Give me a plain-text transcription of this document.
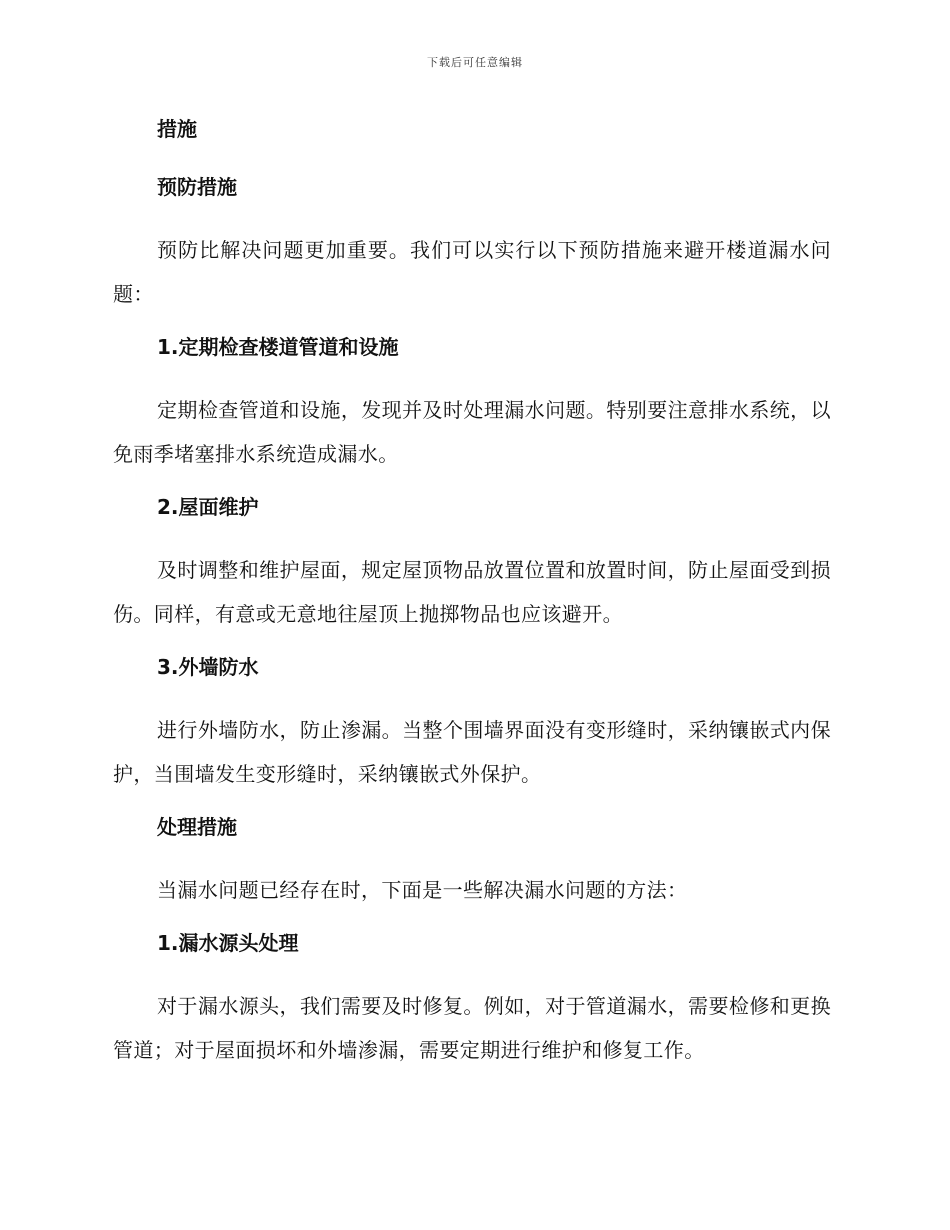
下载后可任意编辑
措施
预防措施

预防比解决问题更加重要。我们可以实行以下预防措施来避开楼道漏水问题：

1.定期检查楼道管道和设施

定期检查管道和设施，发现并及时处理漏水问题。特别要注意排水系统，以免雨季堵塞排水系统造成漏水。

2.屋面维护

及时调整和维护屋面，规定屋顶物品放置位置和放置时间，防止屋面受到损伤。同样，有意或无意地往屋顶上抛掷物品也应该避开。

3.外墙防水

进行外墙防水，防止渗漏。当整个围墙界面没有变形缝时，采纳镶嵌式内保护，当围墙发生变形缝时，采纳镶嵌式外保护。

处理措施

当漏水问题已经存在时，下面是一些解决漏水问题的方法：

1.漏水源头处理

对于漏水源头，我们需要及时修复。例如，对于管道漏水，需要检修和更换管道；对于屋面损坏和外墙渗漏，需要定期进行维护和修复工作。
